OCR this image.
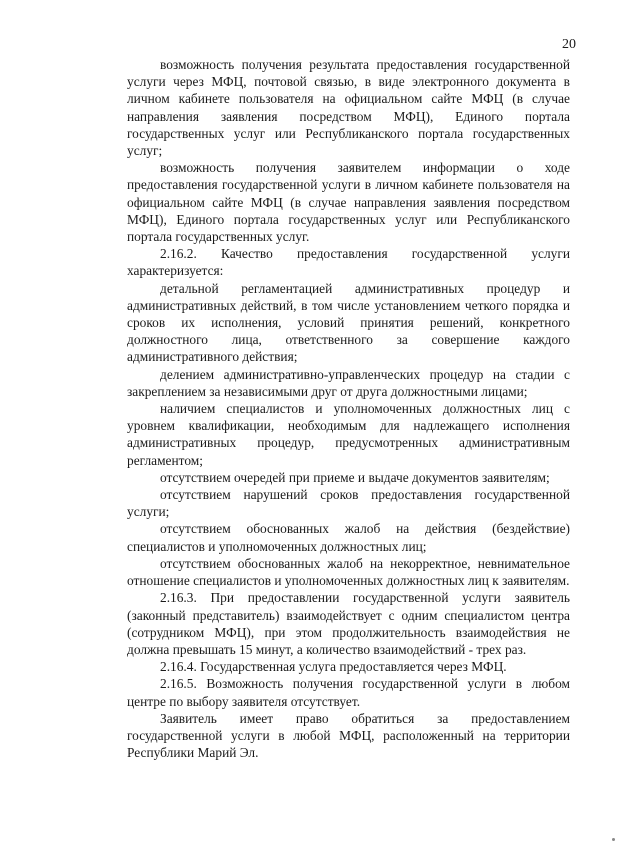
20

возможность получения результата предоставления государственной услуги через МФЦ, почтовой связью, в виде электронного документа в личном кабинете пользователя на официальном сайте МФЦ (в случае направления заявления посредством МФЦ), Единого портала государственных услуг или Республиканского портала государственных услуг;

возможность получения заявителем информации о ходе предоставления государственной услуги в личном кабинете пользователя на официальном сайте МФЦ (в случае направления заявления посредством МФЦ), Единого портала государственных услуг или Республиканского портала государственных услуг.

2.16.2. Качество предоставления государственной услуги характеризуется:

детальной регламентацией административных процедур и административных действий, в том числе установлением четкого порядка и сроков их исполнения, условий принятия решений, конкретного должностного лица, ответственного за совершение каждого административного действия;

делением административно-управленческих процедур на стадии с закреплением за независимыми друг от друга должностными лицами;

наличием специалистов и уполномоченных должностных лиц с уровнем квалификации, необходимым для надлежащего исполнения административных процедур, предусмотренных административным регламентом;

отсутствием очередей при приеме и выдаче документов заявителям;

отсутствием нарушений сроков предоставления государственной услуги;

отсутствием обоснованных жалоб на действия (бездействие) специалистов и уполномоченных должностных лиц;

отсутствием обоснованных жалоб на некорректное, невнимательное отношение специалистов и уполномоченных должностных лиц к заявителям.

2.16.3. При предоставлении государственной услуги заявитель (законный представитель) взаимодействует с одним специалистом центра (сотрудником МФЦ), при этом продолжительность взаимодействия не должна превышать 15 минут, а количество взаимодействий - трех раз.

2.16.4. Государственная услуга предоставляется через МФЦ.

2.16.5. Возможность получения государственной услуги в любом центре по выбору заявителя отсутствует.

Заявитель имеет право обратиться за предоставлением государственной услуги в любой МФЦ, расположенный на территории Республики Марий Эл.
